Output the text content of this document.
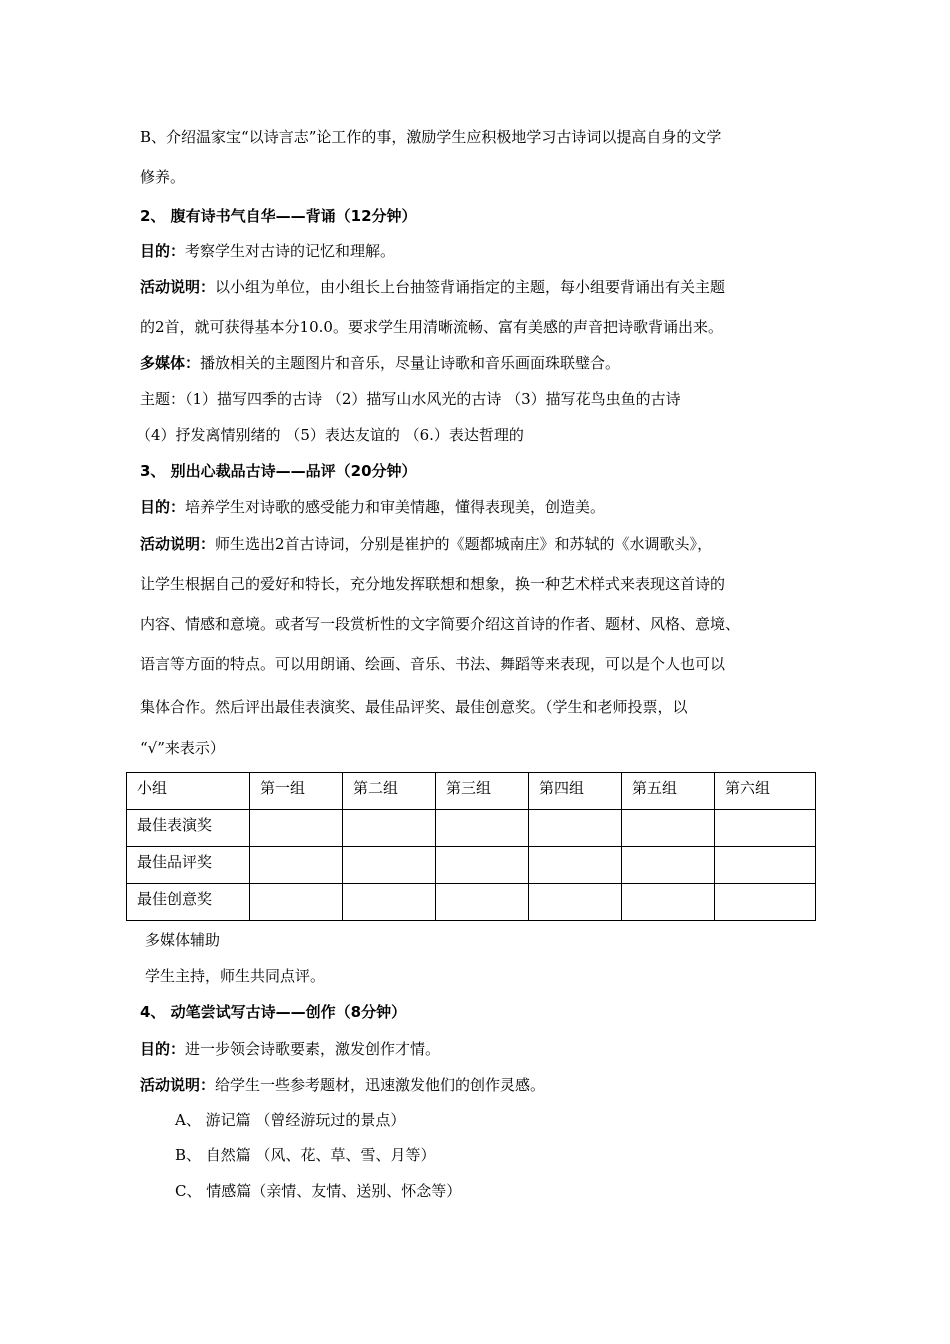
B、介绍温家宝“以诗言志”论工作的事，激励学生应积极地学习古诗词以提高自身的文学
修养。
2、 腹有诗书气自华——背诵（12分钟）
目的：考察学生对古诗的记忆和理解。
活动说明：以小组为单位，由小组长上台抽签背诵指定的主题，每小组要背诵出有关主题
的2首，就可获得基本分10.0。要求学生用清晰流畅、富有美感的声音把诗歌背诵出来。
多媒体：播放相关的主题图片和音乐，尽量让诗歌和音乐画面珠联璧合。
主题：（1）描写四季的古诗 （2）描写山水风光的古诗 （3）描写花鸟虫鱼的古诗
（4）抒发离情别绪的 （5）表达友谊的 （6.）表达哲理的
3、 别出心裁品古诗——品评（20分钟）
目的：培养学生对诗歌的感受能力和审美情趣，懂得表现美，创造美。
活动说明：师生选出2首古诗词，分别是崔护的《题都城南庄》和苏轼的《水调歌头》，
让学生根据自己的爱好和特长，充分地发挥联想和想象，换一种艺术样式来表现这首诗的
内容、情感和意境。或者写一段赏析性的文字简要介绍这首诗的作者、题材、风格、意境、
语言等方面的特点。可以用朗诵、绘画、音乐、书法、舞蹈等来表现，可以是个人也可以
集体合作。然后评出最佳表演奖、最佳品评奖、最佳创意奖。（学生和老师投票，以
“√”来表示）
小组	第一组	第二组	第三组	第四组	第五组	第六组
最佳表演奖						
最佳品评奖						
最佳创意奖						
多媒体辅助
学生主持，师生共同点评。
4、 动笔尝试写古诗——创作（8分钟）
目的：进一步领会诗歌要素，激发创作才情。
活动说明：给学生一些参考题材，迅速激发他们的创作灵感。
A、 游记篇 （曾经游玩过的景点）
B、 自然篇 （风、花、草、雪、月等）
C、 情感篇（亲情、友情、送别、怀念等）
